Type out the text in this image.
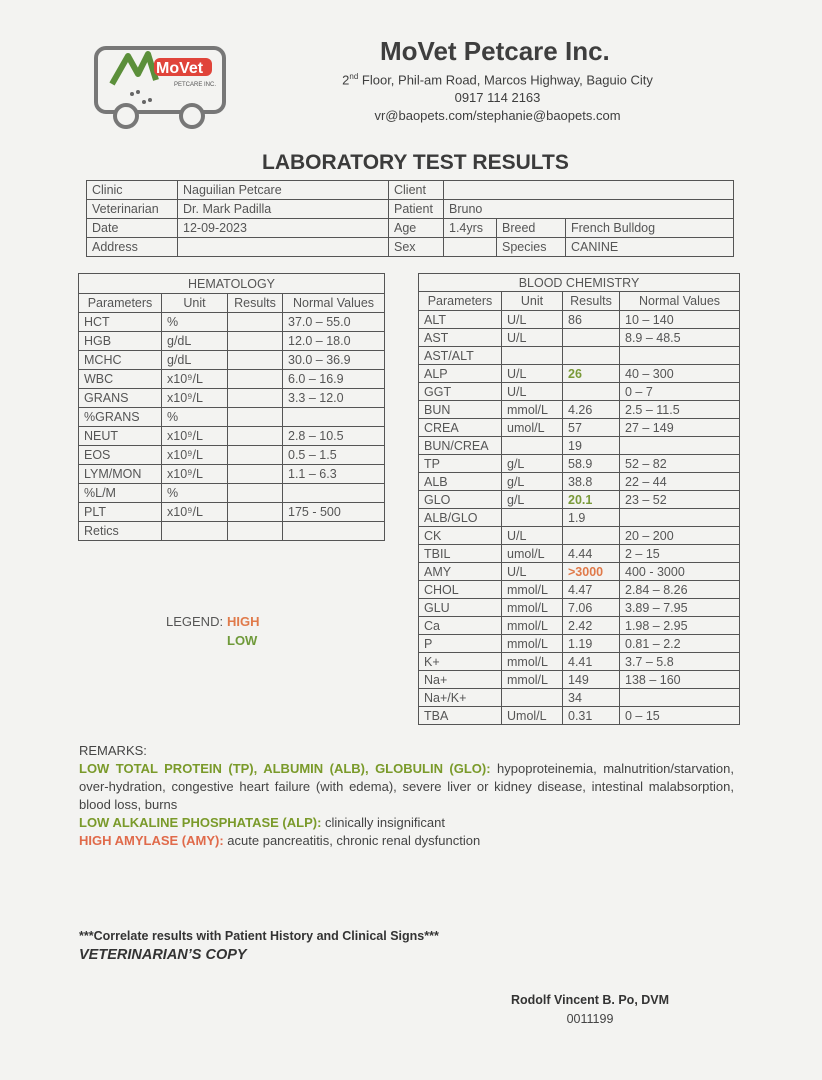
MoVet
PETCARE INC.
MoVet Petcare Inc.
2nd Floor, Phil-am Road, Marcos Highway, Baguio City
0917 114 2163
vr@baopets.com/stephanie@baopets.com
LABORATORY TEST RESULTS
Clinic	Naguilian Petcare	Client			
Veterinarian	Dr. Mark Padilla	Patient	Bruno		
Date	12-09-2023	Age	1.4yrs	Breed	French Bulldog
Address		Sex		Species	CANINE
HEMATOLOGY			
Parameters	Unit	Results	Normal Values
HCT	%		37.0 – 55.0
HGB	g/dL		12.0 – 18.0
MCHC	g/dL		30.0 – 36.9
WBC	x10⁹/L		6.0 – 16.9
GRANS	x10⁹/L		3.3 – 12.0
%GRANS	%		
NEUT	x10⁹/L		2.8 – 10.5
EOS	x10⁹/L		0.5 – 1.5
LYM/MON	x10⁹/L		1.1 – 6.3
%L/M	%		
PLT	x10⁹/L		175 - 500
Retics			
BLOOD CHEMISTRY			
Parameters	Unit	Results	Normal Values
ALT	U/L	86	10 – 140
AST	U/L		8.9 – 48.5
AST/ALT			
ALP	U/L	26	40 – 300
GGT	U/L		0 – 7
BUN	mmol/L	4.26	2.5 – 11.5
CREA	umol/L	57	27 – 149
BUN/CREA		19	
TP	g/L	58.9	52 – 82
ALB	g/L	38.8	22 – 44
GLO	g/L	20.1	23 – 52
ALB/GLO		1.9	
CK	U/L		20 – 200
TBIL	umol/L	4.44	2 – 15
AMY	U/L	>3000	400 - 3000
CHOL	mmol/L	4.47	2.84 – 8.26
GLU	mmol/L	7.06	3.89 – 7.95
Ca	mmol/L	2.42	1.98 – 2.95
P	mmol/L	1.19	0.81 – 2.2
K+	mmol/L	4.41	3.7 – 5.8
Na+	mmol/L	149	138 – 160
Na+/K+		34	
TBA	Umol/L	0.31	0 – 15
LEGEND: HIGH
LOW
REMARKS:
LOW TOTAL PROTEIN (TP), ALBUMIN (ALB), GLOBULIN (GLO): hypoproteinemia, malnutrition/starvation, over-hydration, congestive heart failure (with edema), severe liver or kidney disease, intestinal malabsorption, blood loss, burns
LOW ALKALINE PHOSPHATASE (ALP): clinically insignificant
HIGH AMYLASE (AMY): acute pancreatitis, chronic renal dysfunction
***Correlate results with Patient History and Clinical Signs***
VETERINARIAN’S COPY
Rodolf Vincent B. Po, DVM
0011199
